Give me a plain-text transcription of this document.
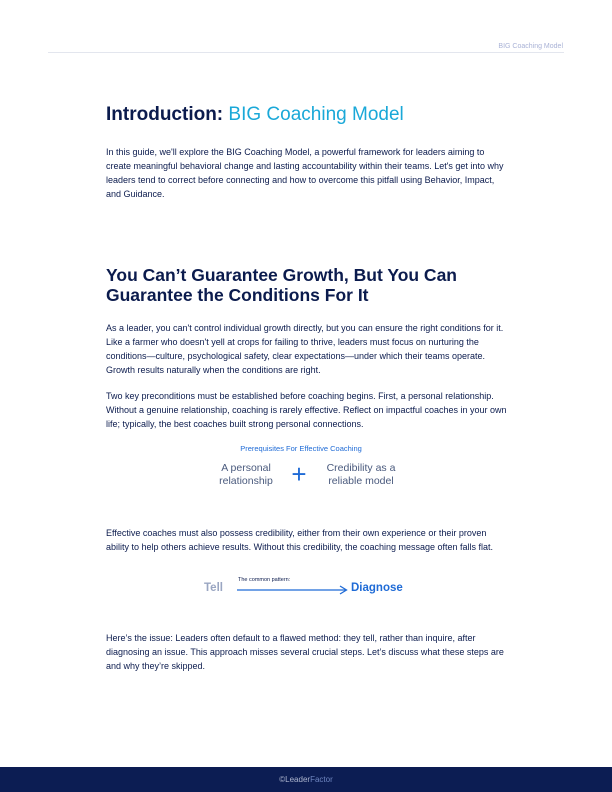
BIG Coaching Model
Introduction: BIG Coaching Model

In this guide, we'll explore the BIG Coaching Model, a powerful framework for leaders aiming to create meaningful behavioral change and lasting accountability within their teams. Let's get into why leaders tend to correct before connecting and how to overcome this pitfall using Behavior, Impact, and Guidance.

You Can’t Guarantee Growth, But You Can Guarantee the Conditions For It

As a leader, you can't control individual growth directly, but you can ensure the right conditions for it. Like a farmer who doesn't yell at crops for failing to thrive, leaders must focus on nurturing the conditions—culture, psychological safety, clear expectations—under which their teams operate. Growth results naturally when the conditions are right.

Two key preconditions must be established before coaching begins. First, a personal relationship. Without a genuine relationship, coaching is rarely effective. Reflect on impactful coaches in your own life; typically, the best coaches built strong personal connections.

Prerequisites For Effective Coaching
A personal
relationship +	Credibility as a
reliable model

Effective coaches must also possess credibility, either from their own experience or their proven ability to help others achieve results. Without this credibility, the coaching message often falls flat.

Tell
The common pattern:
Diagnose

Here’s the issue: Leaders often default to a flawed method: they tell, rather than inquire, after diagnosing an issue. This approach misses several crucial steps. Let’s discuss what these steps are and why they’re skipped.

©LeaderFactor
